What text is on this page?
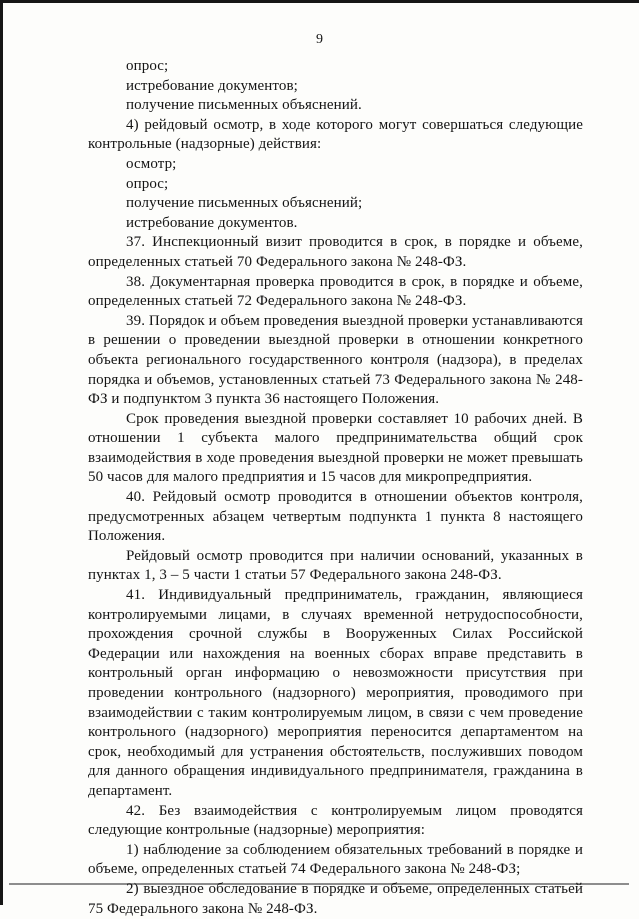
9

опрос;

истребование документов;

получение письменных объяснений.

4) рейдовый осмотр, в ходе которого могут совершаться следующие контрольные (надзорные) действия:

осмотр;

опрос;

получение письменных объяснений;

истребование документов.

37. Инспекционный визит проводится в срок, в порядке и объеме, определенных статьей 70 Федерального закона № 248-ФЗ.

38. Документарная проверка проводится в срок, в порядке и объеме, определенных статьей 72 Федерального закона № 248-ФЗ.

39. Порядок и объем проведения выездной проверки устанавливаются в решении о проведении выездной проверки в отношении конкретного объекта регионального государственного контроля (надзора), в пределах порядка и объемов, установленных статьей 73 Федерального закона № 248-ФЗ и подпунктом 3 пункта 36 настоящего Положения.

Срок проведения выездной проверки составляет 10 рабочих дней. В отношении 1 субъекта малого предпринимательства общий срок взаимодействия в ходе проведения выездной проверки не может превышать 50 часов для малого предприятия и 15 часов для микропредприятия.

40. Рейдовый осмотр проводится в отношении объектов контроля, предусмотренных абзацем четвертым подпункта 1 пункта 8 настоящего Положения.

Рейдовый осмотр проводится при наличии оснований, указанных в пунктах 1, 3 – 5 части 1 статьи 57 Федерального закона 248-ФЗ.

41. Индивидуальный предприниматель, гражданин, являющиеся контролируемыми лицами, в случаях временной нетрудоспособности, прохождения срочной службы в Вооруженных Силах Российской Федерации или нахождения на военных сборах вправе представить в контрольный орган информацию о невозможности присутствия при проведении контрольного (надзорного) мероприятия, проводимого при взаимодействии с таким контролируемым лицом, в связи с чем проведение контрольного (надзорного) мероприятия переносится департаментом на срок, необходимый для устранения обстоятельств, послуживших поводом для данного обращения индивидуального предпринимателя, гражданина в департамент.

42. Без взаимодействия с контролируемым лицом проводятся следующие контрольные (надзорные) мероприятия:

1) наблюдение за соблюдением обязательных требований в порядке и объеме, определенных статьей 74 Федерального закона № 248-ФЗ;

2) выездное обследование в порядке и объеме, определенных статьей 75 Федерального закона № 248-ФЗ.
